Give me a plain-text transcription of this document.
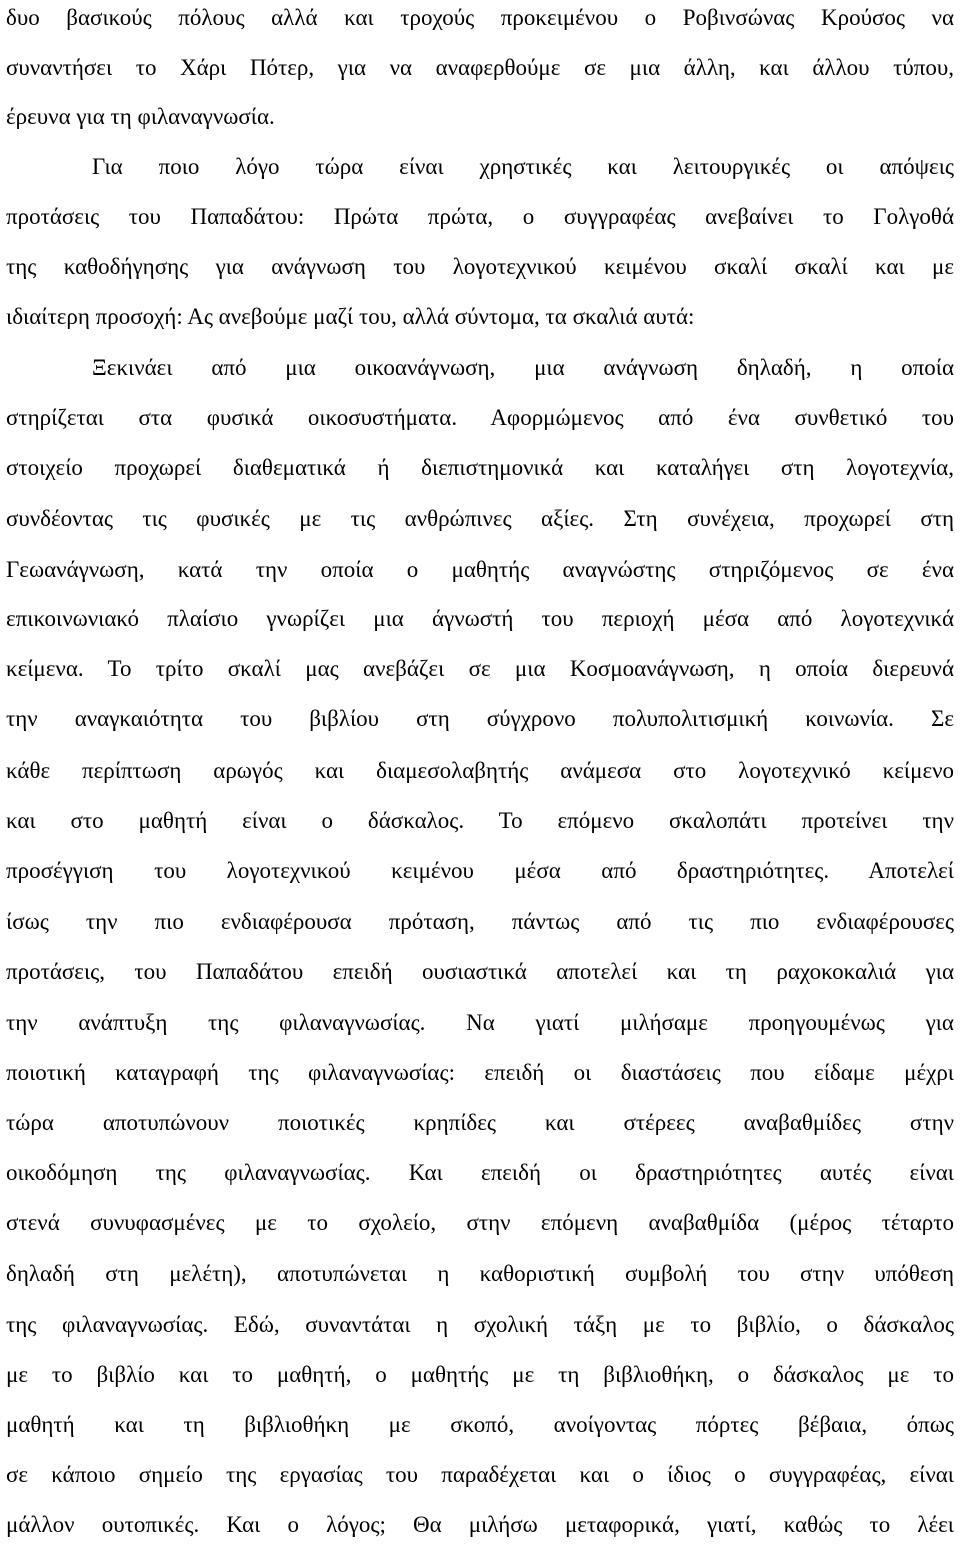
δυο βασικούς πόλους αλλά και τροχούς προκειμένου ο Ροβινσώνας Κρούσος να
συναντήσει το Χάρι Πότερ, για να αναφερθούμε σε μια άλλη, και άλλου τύπου,
έρευνα για τη φιλαναγνωσία.
Για ποιο λόγο τώρα είναι χρηστικές και λειτουργικές οι απόψεις
προτάσεις του Παπαδάτου: Πρώτα πρώτα, ο συγγραφέας ανεβαίνει το Γολγοθά
της καθοδήγησης για ανάγνωση του λογοτεχνικού κειμένου σκαλί σκαλί και με
ιδιαίτερη προσοχή: Ας ανεβούμε μαζί του, αλλά σύντομα, τα σκαλιά αυτά:
Ξεκινάει από μια οικοανάγνωση, μια ανάγνωση δηλαδή, η οποία
στηρίζεται στα φυσικά οικοσυστήματα. Αφορμώμενος από ένα συνθετικό του
στοιχείο προχωρεί διαθεματικά ή διεπιστημονικά και καταλήγει στη λογοτεχνία,
συνδέοντας τις φυσικές με τις ανθρώπινες αξίες. Στη συνέχεια, προχωρεί στη
Γεωανάγνωση, κατά την οποία ο μαθητής αναγνώστης στηριζόμενος σε ένα
επικοινωνιακό πλαίσιο γνωρίζει μια άγνωστή του περιοχή μέσα από λογοτεχνικά
κείμενα. Το τρίτο σκαλί μας ανεβάζει σε μια Κοσμοανάγνωση, η οποία διερευνά
την αναγκαιότητα του βιβλίου στη σύγχρονο πολυπολιτισμική κοινωνία. Σε
κάθε περίπτωση αρωγός και διαμεσολαβητής ανάμεσα στο λογοτεχνικό κείμενο
και στο μαθητή είναι ο δάσκαλος. Το επόμενο σκαλοπάτι προτείνει την
προσέγγιση του λογοτεχνικού κειμένου μέσα από δραστηριότητες. Αποτελεί
ίσως την πιο ενδιαφέρουσα πρόταση, πάντως από τις πιο ενδιαφέρουσες
προτάσεις, του Παπαδάτου επειδή ουσιαστικά αποτελεί και τη ραχοκοκαλιά για
την ανάπτυξη της φιλαναγνωσίας. Να γιατί μιλήσαμε προηγουμένως για
ποιοτική καταγραφή της φιλαναγνωσίας: επειδή οι διαστάσεις που είδαμε μέχρι
τώρα αποτυπώνουν ποιοτικές κρηπίδες και στέρεες αναβαθμίδες στην
οικοδόμηση της φιλαναγνωσίας. Και επειδή οι δραστηριότητες αυτές είναι
στενά συνυφασμένες με το σχολείο, στην επόμενη αναβαθμίδα (μέρος τέταρτο
δηλαδή στη μελέτη), αποτυπώνεται η καθοριστική συμβολή του στην υπόθεση
της φιλαναγνωσίας. Εδώ, συναντάται η σχολική τάξη με το βιβλίο, ο δάσκαλος
με το βιβλίο και το μαθητή, ο μαθητής με τη βιβλιοθήκη, ο δάσκαλος με το
μαθητή και τη βιβλιοθήκη με σκοπό, ανοίγοντας πόρτες βέβαια, όπως
σε κάποιο σημείο της εργασίας του παραδέχεται και ο ίδιος ο συγγραφέας, είναι
μάλλον ουτοπικές. Και ο λόγος; Θα μιλήσω μεταφορικά, γιατί, καθώς το λέει
